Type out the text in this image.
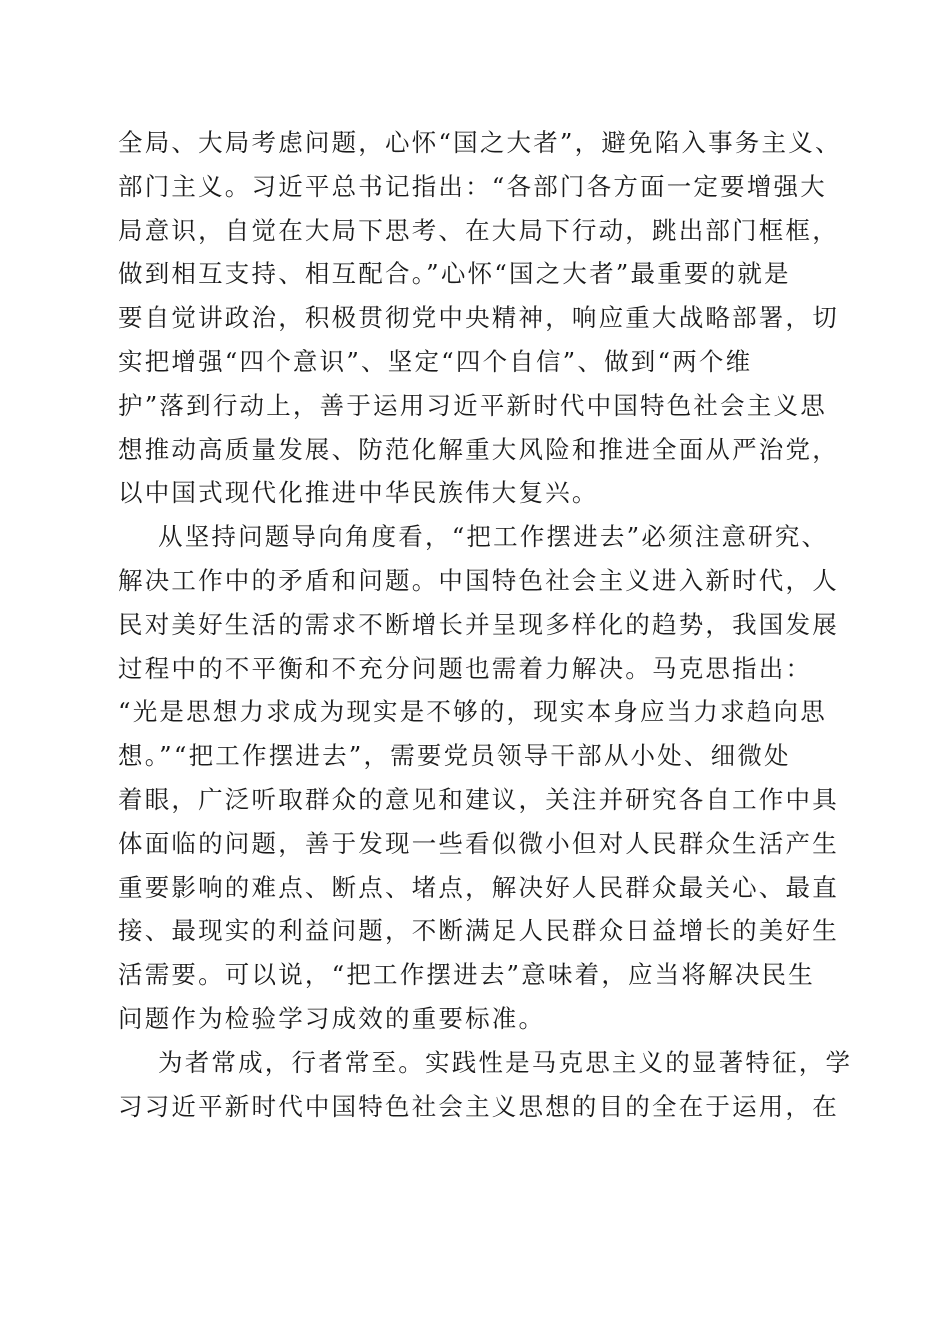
全局、大局考虑问题，心怀“国之大者”，避免陷入事务主义、
部门主义。习近平总书记指出：“各部门各方面一定要增强大
局意识，自觉在大局下思考、在大局下行动，跳出部门框框，
做到相互支持、相互配合。”心怀“国之大者”最重要的就是
要自觉讲政治，积极贯彻党中央精神，响应重大战略部署，切
实把增强“四个意识”、坚定“四个自信”、做到“两个维
护”落到行动上，善于运用习近平新时代中国特色社会主义思
想推动高质量发展、防范化解重大风险和推进全面从严治党，
以中国式现代化推进中华民族伟大复兴。
从坚持问题导向角度看，“把工作摆进去”必须注意研究、
解决工作中的矛盾和问题。中国特色社会主义进入新时代，人
民对美好生活的需求不断增长并呈现多样化的趋势，我国发展
过程中的不平衡和不充分问题也需着力解决。马克思指出：
“光是思想力求成为现实是不够的，现实本身应当力求趋向思
想。”“把工作摆进去”，需要党员领导干部从小处、细微处
着眼，广泛听取群众的意见和建议，关注并研究各自工作中具
体面临的问题，善于发现一些看似微小但对人民群众生活产生
重要影响的难点、断点、堵点，解决好人民群众最关心、最直
接、最现实的利益问题，不断满足人民群众日益增长的美好生
活需要。可以说，“把工作摆进去”意味着，应当将解决民生
问题作为检验学习成效的重要标准。
为者常成，行者常至。实践性是马克思主义的显著特征，学
习习近平新时代中国特色社会主义思想的目的全在于运用，在
